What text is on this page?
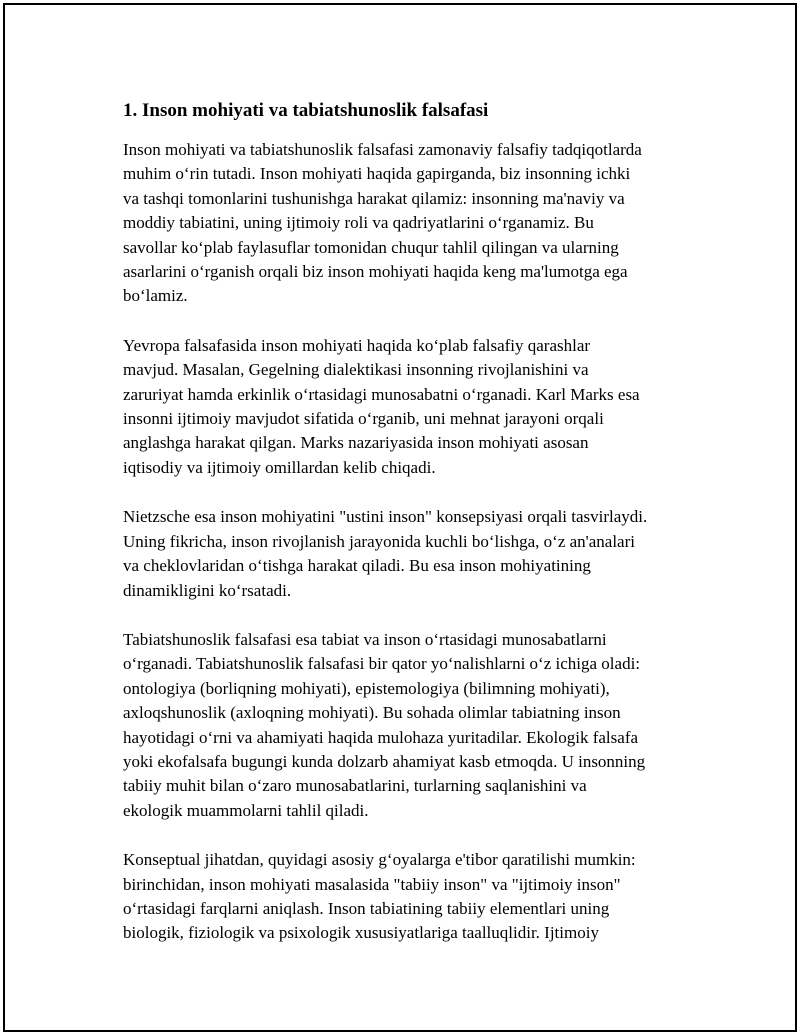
1. Inson mohiyati va tabiatshunoslik falsafasi

Inson mohiyati va tabiatshunoslik falsafasi zamonaviy falsafiy tadqiqotlarda
muhim o‘rin tutadi. Inson mohiyati haqida gapirganda, biz insonning ichki
va tashqi tomonlarini tushunishga harakat qilamiz: insonning ma'naviy va
moddiy tabiatini, uning ijtimoiy roli va qadriyatlarini o‘rganamiz. Bu
savollar ko‘plab faylasuflar tomonidan chuqur tahlil qilingan va ularning
asarlarini o‘rganish orqali biz inson mohiyati haqida keng ma'lumotga ega
bo‘lamiz.

Yevropa falsafasida inson mohiyati haqida ko‘plab falsafiy qarashlar
mavjud. Masalan, Gegelning dialektikasi insonning rivojlanishini va
zaruriyat hamda erkinlik o‘rtasidagi munosabatni o‘rganadi. Karl Marks esa
insonni ijtimoiy mavjudot sifatida o‘rganib, uni mehnat jarayoni orqali
anglashga harakat qilgan. Marks nazariyasida inson mohiyati asosan
iqtisodiy va ijtimoiy omillardan kelib chiqadi.

Nietzsche esa inson mohiyatini "ustini inson" konsepsiyasi orqali tasvirlaydi.
Uning fikricha, inson rivojlanish jarayonida kuchli bo‘lishga, o‘z an'analari
va cheklovlaridan o‘tishga harakat qiladi. Bu esa inson mohiyatining
dinamikligini ko‘rsatadi.

Tabiatshunoslik falsafasi esa tabiat va inson o‘rtasidagi munosabatlarni
o‘rganadi. Tabiatshunoslik falsafasi bir qator yo‘nalishlarni o‘z ichiga oladi:
ontologiya (borliqning mohiyati), epistemologiya (bilimning mohiyati),
axloqshunoslik (axloqning mohiyati). Bu sohada olimlar tabiatning inson
hayotidagi o‘rni va ahamiyati haqida mulohaza yuritadilar. Ekologik falsafa
yoki ekofalsafa bugungi kunda dolzarb ahamiyat kasb etmoqda. U insonning
tabiiy muhit bilan o‘zaro munosabatlarini, turlarning saqlanishini va
ekologik muammolarni tahlil qiladi.

Konseptual jihatdan, quyidagi asosiy g‘oyalarga e'tibor qaratilishi mumkin:
birinchidan, inson mohiyati masalasida "tabiiy inson" va "ijtimoiy inson"
o‘rtasidagi farqlarni aniqlash. Inson tabiatining tabiiy elementlari uning
biologik, fiziologik va psixologik xususiyatlariga taalluqlidir. Ijtimoiy
